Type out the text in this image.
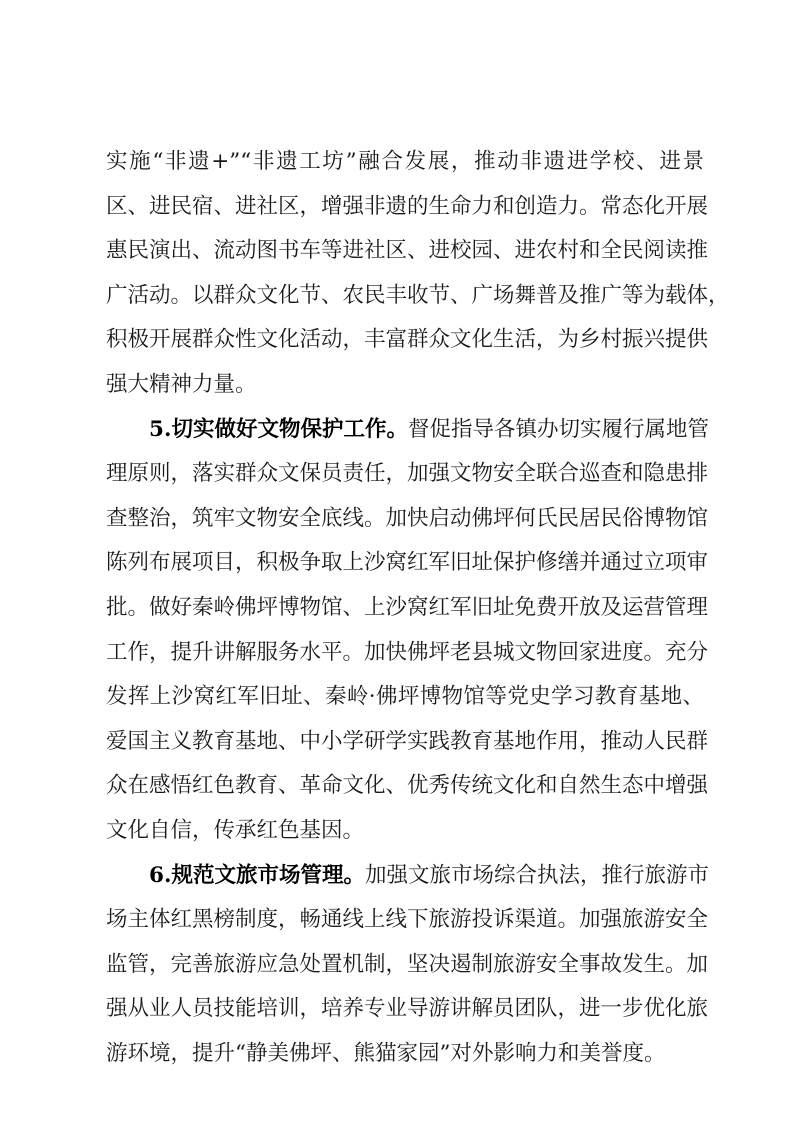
实施“非遗+”“非遗工坊”融合发展，推动非遗进学校、进景
区、进民宿、进社区，增强非遗的生命力和创造力。常态化开展
惠民演出、流动图书车等进社区、进校园、进农村和全民阅读推
广活动。以群众文化节、农民丰收节、广场舞普及推广等为载体，
积极开展群众性文化活动，丰富群众文化生活，为乡村振兴提供
强大精神力量。
5.切实做好文物保护工作。督促指导各镇办切实履行属地管
理原则，落实群众文保员责任，加强文物安全联合巡查和隐患排
查整治，筑牢文物安全底线。加快启动佛坪何氏民居民俗博物馆
陈列布展项目，积极争取上沙窝红军旧址保护修缮并通过立项审
批。做好秦岭佛坪博物馆、上沙窝红军旧址免费开放及运营管理
工作，提升讲解服务水平。加快佛坪老县城文物回家进度。充分
发挥上沙窝红军旧址、秦岭·佛坪博物馆等党史学习教育基地、
爱国主义教育基地、中小学研学实践教育基地作用，推动人民群
众在感悟红色教育、革命文化、优秀传统文化和自然生态中增强
文化自信，传承红色基因。
6.规范文旅市场管理。加强文旅市场综合执法，推行旅游市
场主体红黑榜制度，畅通线上线下旅游投诉渠道。加强旅游安全
监管，完善旅游应急处置机制，坚决遏制旅游安全事故发生。加
强从业人员技能培训，培养专业导游讲解员团队，进一步优化旅
游环境，提升“静美佛坪、熊猫家园”对外影响力和美誉度。
